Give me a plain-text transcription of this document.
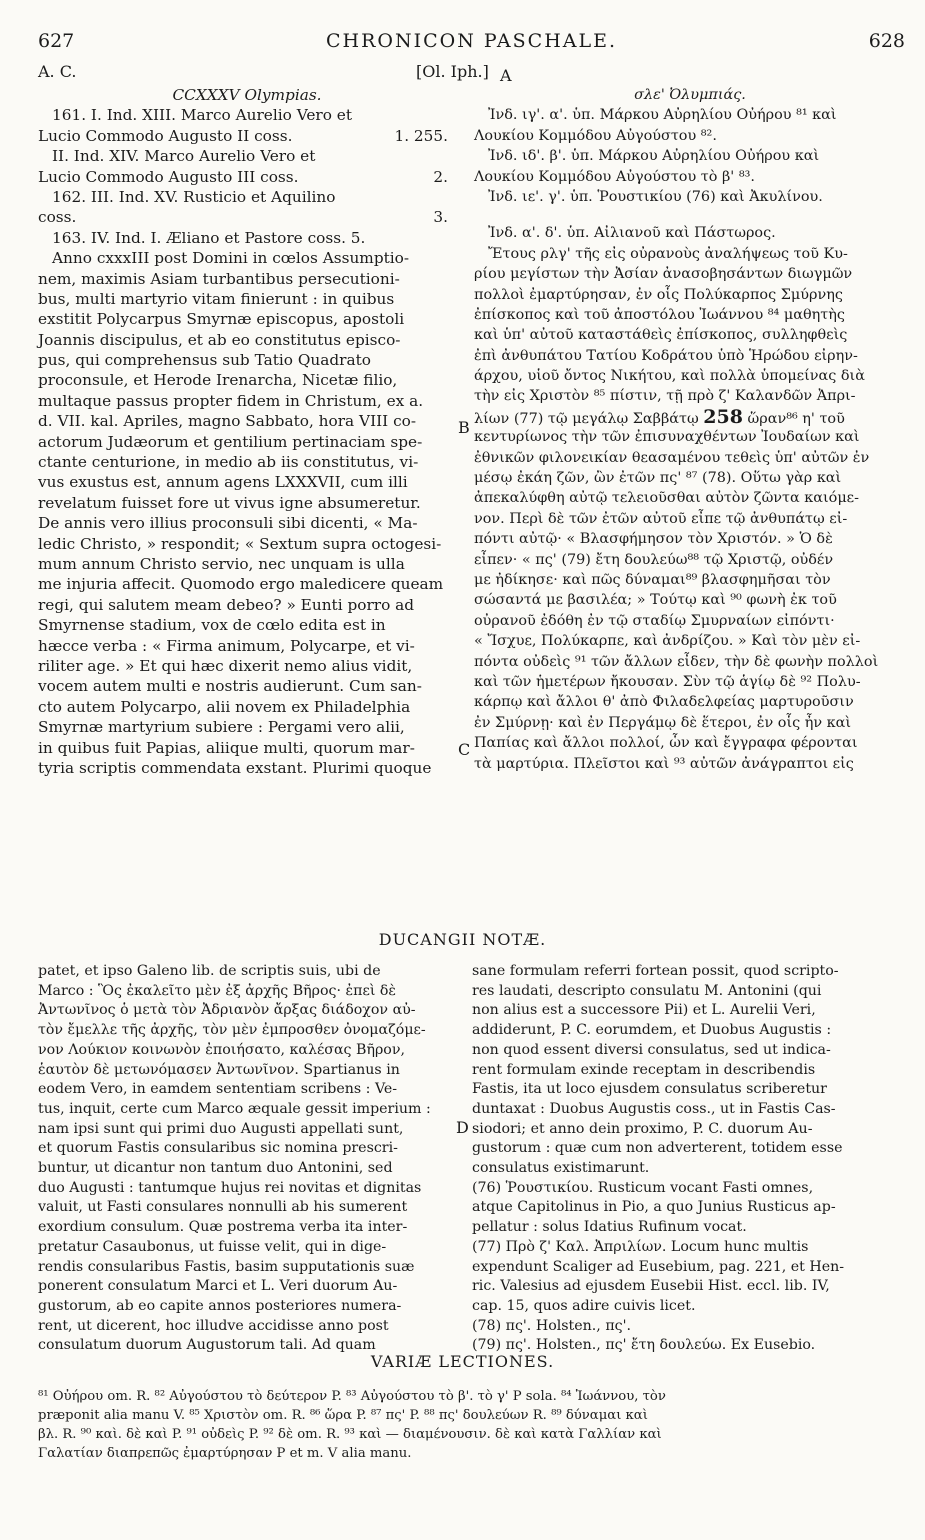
627	CHRONICON PASCHALE.	628
A. C.	[Ol. Iph.] A
CCXXXV Olympias.
161. I. Ind. XIII. Marco Aurelio Vero et
Lucio Commodo Augusto II coss.	1. 255.
II. Ind. XIV. Marco Aurelio Vero et
Lucio Commodo Augusto III coss.	2.
162. III. Ind. XV. Rusticio et Aquilino
coss.	3.
163. IV. Ind. I. Æliano et Pastore coss. 5.
Anno cxxxIII post Domini in cœlos Assumptio-
nem, maximis Asiam turbantibus persecutioni-
bus, multi martyrio vitam finierunt : in quibus
exstitit Polycarpus Smyrnæ episcopus, apostoli
Joannis discipulus, et ab eo constitutus episco-
pus, qui comprehensus sub Tatio Quadrato
proconsule, et Herode Irenarcha, Nicetæ filio,
multaque passus propter fidem in Christum, ex a.
d. VII. kal. Apriles, magno Sabbato, hora VIII co-
actorum Judæorum et gentilium pertinaciam spe-
ctante centurione, in medio ab iis constitutus, vi-
vus exustus est, annum agens LXXXVII, cum illi
revelatum fuisset fore ut vivus igne absumeretur.
De annis vero illius proconsuli sibi dicenti, « Ma-
ledic Christo, » respondit; « Sextum supra octogesi-
mum annum Christo servio, nec unquam is ulla
me injuria affecit. Quomodo ergo maledicere queam
regi, qui salutem meam debeo? » Eunti porro ad
Smyrnense stadium, vox de cœlo edita est in
hæcce verba : « Firma animum, Polycarpe, et vi-
riliter age. » Et qui hæc dixerit nemo alius vidit,
vocem autem multi e nostris audierunt. Cum san-
cto autem Polycarpo, alii novem ex Philadelphia
Smyrnæ martyrium subiere : Pergami vero alii,
in quibus fuit Papias, aliique multi, quorum mar-
tyria scriptis commendata exstant. Plurimi quoque
σλε' Ὀλυμπιάς.
Ἰνδ. ιγ'. α'. ὑπ. Μάρκου Αὐρηλίου Οὐήρου ⁸¹ καὶ
Λουκίου Κομμόδου Αὐγούστου ⁸².
Ἰνδ. ιδ'. β'. ὑπ. Μάρκου Αὐρηλίου Οὐήρου καὶ
Λουκίου Κομμόδου Αὐγούστου τὸ β' ⁸³.
Ἰνδ. ιε'. γ'. ὑπ. Ῥουστικίου (76) καὶ Ἀκυλίνου.
Ἰνδ. α'. δ'. ὑπ. Αἰλιανοῦ καὶ Πάστωρος.
Ἔτους ρλγ' τῆς εἰς οὐρανοὺς ἀναλήψεως τοῦ Κυ-
ρίου μεγίστων τὴν Ἀσίαν ἀνασοβησάντων διωγμῶν
πολλοὶ ἐμαρτύρησαν, ἐν οἷς Πολύκαρπος Σμύρνης
ἐπίσκοπος καὶ τοῦ ἀποστόλου Ἰωάννου ⁸⁴ μαθητὴς
καὶ ὑπ' αὐτοῦ καταστάθεὶς ἐπίσκοπος, συλληφθεὶς
ἐπὶ ἀνθυπάτου Τατίου Κοδράτου ὑπὸ Ἡρώδου εἰρην-
άρχου, υἱοῦ ὄντος Νικήτου, καὶ πολλὰ ὑπομείνας διὰ
τὴν εἰς Χριστὸν ⁸⁵ πίστιν, τῇ πρὸ ζ' Καλανδῶν Ἀπρι-
λίων (77) τῷ μεγάλῳ Σαββάτῳ 258 ὥραν⁸⁶ η' τοῦ
κεντυρίωνος τὴν τῶν ἐπισυναχθέντων Ἰουδαίων καὶ
ἐθνικῶν φιλονεικίαν θεασαμένου τεθεὶς ὑπ' αὐτῶν ἐν
μέσῳ ἐκάη ζῶν, ὢν ἐτῶν πς' ⁸⁷ (78). Οὕτω γὰρ καὶ
ἀπεκαλύφθη αὐτῷ τελειοῦσθαι αὐτὸν ζῶντα καιόμε-
νον. Περὶ δὲ τῶν ἐτῶν αὐτοῦ εἶπε τῷ ἀνθυπάτῳ εἰ-
πόντι αὐτῷ· « Βλασφήμησον τὸν Χριστόν. » Ὁ δὲ
εἶπεν· « πς' (79) ἔτη δουλεύω⁸⁸ τῷ Χριστῷ, οὐδέν
με ἠδίκησε· καὶ πῶς δύναμαι⁸⁹ βλασφημῆσαι τὸν
σώσαντά με βασιλέα; » Τούτῳ καὶ ⁹⁰ φωνὴ ἐκ τοῦ
οὐρανοῦ ἐδόθη ἐν τῷ σταδίῳ Σμυρναίων εἰπόντι·
« Ἴσχυε, Πολύκαρπε, καὶ ἀνδρίζου. » Καὶ τὸν μὲν εἰ-
πόντα οὐδεὶς ⁹¹ τῶν ἄλλων εἶδεν, τὴν δὲ φωνὴν πολλοὶ
καὶ τῶν ἡμετέρων ἤκουσαν. Σὺν τῷ ἁγίῳ δὲ ⁹² Πολυ-
κάρπῳ καὶ ἄλλοι θ' ἀπὸ Φιλαδελφείας μαρτυροῦσιν
ἐν Σμύρνῃ· καὶ ἐν Περγάμῳ δὲ ἕτεροι, ἐν οἷς ἦν καὶ
Παπίας καὶ ἄλλοι πολλοί, ὧν καὶ ἔγγραφα φέρονται
τὰ μαρτύρια. Πλεῖστοι καὶ ⁹³ αὐτῶν ἀνάγραπτοι εἰς
B
C
D
DUCANGII NOTÆ.
patet, et ipso Galeno lib. de scriptis suis, ubi de
Marco : Ὃς ἐκαλεῖτο μὲν ἐξ ἀρχῆς Βῆρος· ἐπεὶ δὲ
Ἀντωνῖνος ὁ μετὰ τὸν Ἀδριανὸν ἄρξας διάδοχον αὐ-
τὸν ἔμελλε τῆς ἀρχῆς, τὸν μὲν ἐμπροσθεν ὀνομαζόμε-
νον Λούκιον κοινωνὸν ἐποιήσατο, καλέσας Βῆρον,
ἑαυτὸν δὲ μετωνόμασεν Ἀντωνῖνον. Spartianus in
eodem Vero, in eamdem sententiam scribens : Ve-
tus, inquit, certe cum Marco æquale gessit imperium :
nam ipsi sunt qui primi duo Augusti appellati sunt,
et quorum Fastis consularibus sic nomina prescri-
buntur, ut dicantur non tantum duo Antonini, sed
duo Augusti : tantumque hujus rei novitas et dignitas
valuit, ut Fasti consulares nonnulli ab his sumerent
exordium consulum. Quæ postrema verba ita inter-
pretatur Casaubonus, ut fuisse velit, qui in dige-
rendis consularibus Fastis, basim supputationis suæ
ponerent consulatum Marci et L. Veri duorum Au-
gustorum, ab eo capite annos posteriores numera-
rent, ut dicerent, hoc illudve accidisse anno post
consulatum duorum Augustorum tali. Ad quam
sane formulam referri fortean possit, quod scripto-
res laudati, descripto consulatu M. Antonini (qui
non alius est a successore Pii) et L. Aurelii Veri,
addiderunt, P. C. eorumdem, et Duobus Augustis :
non quod essent diversi consulatus, sed ut indica-
rent formulam exinde receptam in describendis
Fastis, ita ut loco ejusdem consulatus scriberetur
duntaxat : Duobus Augustis coss., ut in Fastis Cas-
siodori; et anno dein proximo, P. C. duorum Au-
gustorum : quæ cum non adverterent, totidem esse
consulatus existimarunt.
(76) Ῥουστικίου. Rusticum vocant Fasti omnes,
atque Capitolinus in Pio, a quo Junius Rusticus ap-
pellatur : solus Idatius Rufinum vocat.
(77) Πρὸ ζ' Καλ. Ἀπριλίων. Locum hunc multis
expendunt Scaliger ad Eusebium, pag. 221, et Hen-
ric. Valesius ad ejusdem Eusebii Hist. eccl. lib. IV,
cap. 15, quos adire cuivis licet.
(78) πς'. Holsten., πς'.
(79) πς'. Holsten., πς' ἔτη δουλεύω. Ex Eusebio.
VARIÆ LECTIONES.
⁸¹ Οὐήρου om. R. ⁸² Αὐγούστου τὸ δεύτερον P. ⁸³ Αὐγούστου τὸ β'. τὸ γ' P sola. ⁸⁴ Ἰωάννου, τὸν
præponit alia manu V. ⁸⁵ Χριστὸν om. R. ⁸⁶ ὥρα P. ⁸⁷ πς' P. ⁸⁸ πς' δουλεύων R. ⁸⁹ δύναμαι καὶ
βλ. R. ⁹⁰ καὶ. δὲ καὶ P. ⁹¹ οὐδεὶς P. ⁹² δὲ om. R. ⁹³ καὶ — διαμένουσιν. δὲ καὶ κατὰ Γαλλίαν καὶ
Γαλατίαν διαπρεπῶς ἐμαρτύρησαν P et m. V alia manu.
